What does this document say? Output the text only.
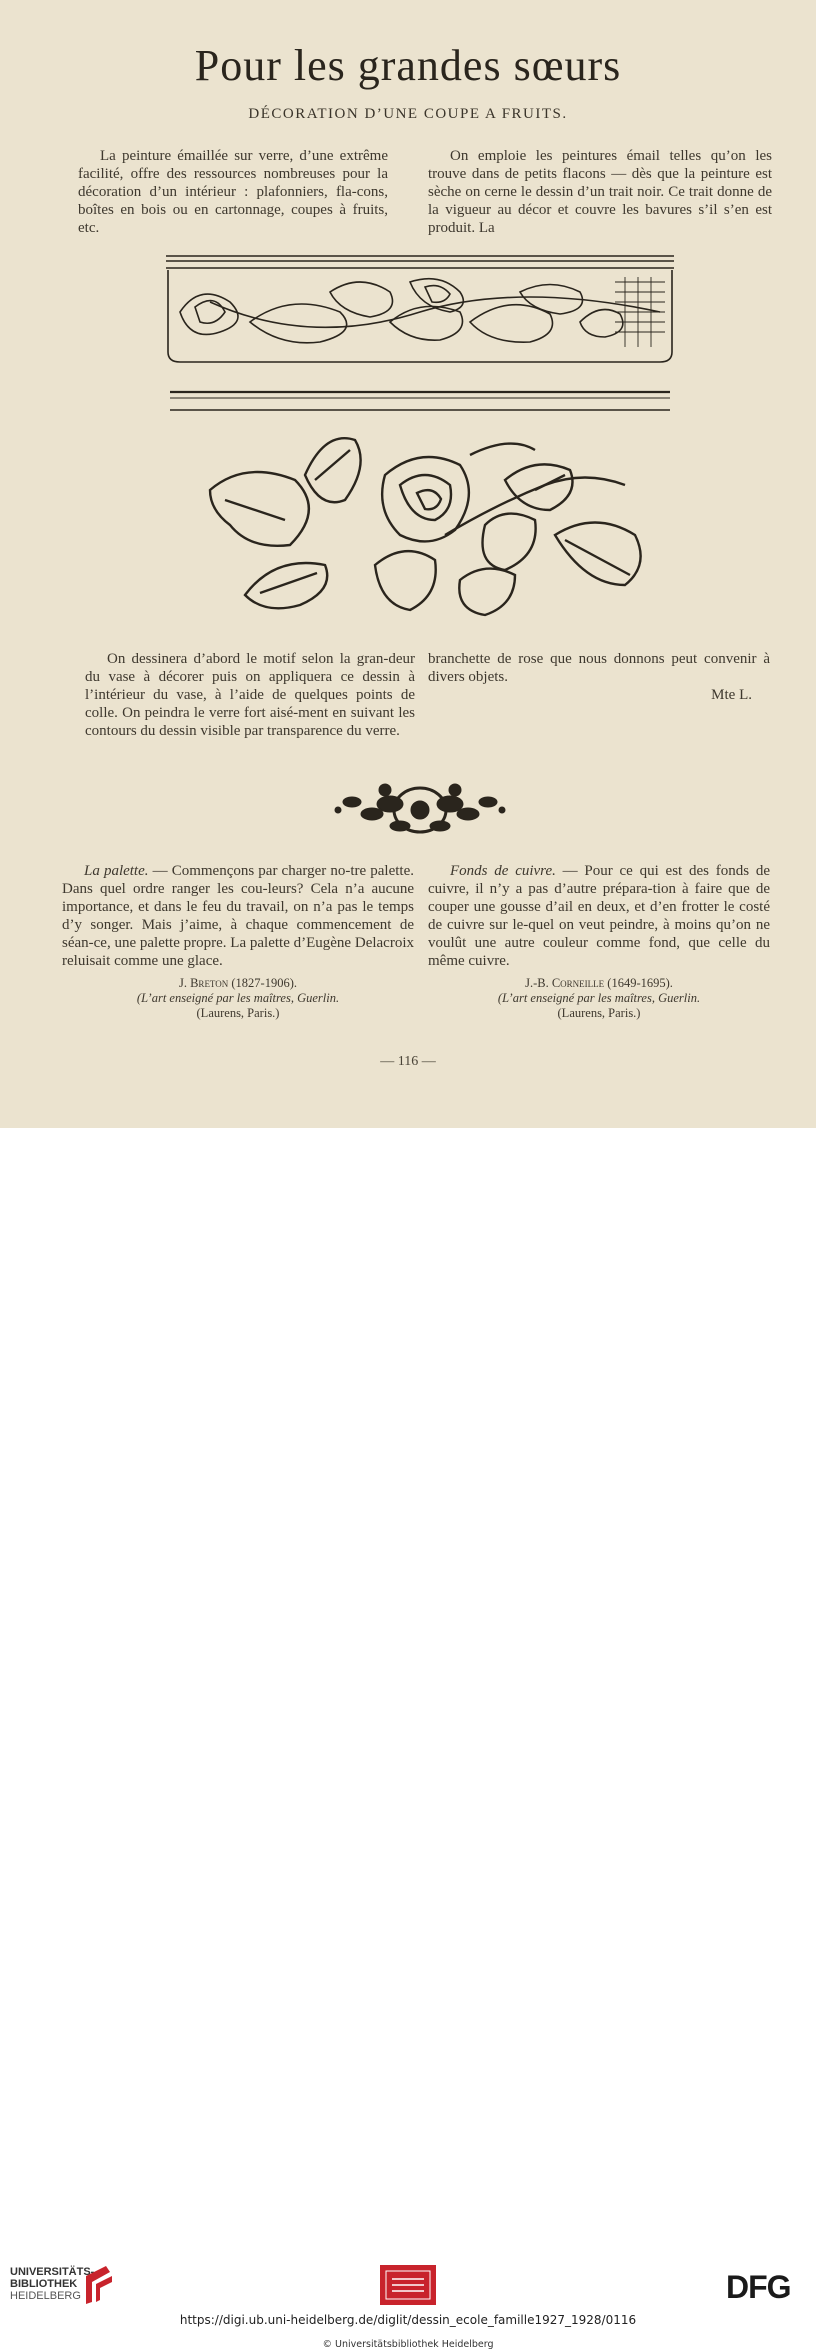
Pour les grandes sœurs
DÉCORATION D’UNE COUPE A FRUITS.

La peinture émaillée sur verre, d’une extrême facilité, offre des ressources nombreuses pour la décoration d’un intérieur : plafonniers, fla-cons, boîtes en bois ou en cartonnage, coupes à fruits, etc.

On emploie les peintures émail telles qu’on les trouve dans de petits flacons — dès que la peinture est sèche on cerne le dessin d’un trait noir. Ce trait donne de la vigueur au décor et couvre les bavures s’il s’en est produit. La

On dessinera d’abord le motif selon la gran-deur du vase à décorer puis on appliquera ce dessin à l’intérieur du vase, à l’aide de quelques points de colle. On peindra le verre fort aisé-ment en suivant les contours du dessin visible par transparence du verre.

branchette de rose que nous donnons peut convenir à divers objets.

Mte L.

La palette. — Commençons par charger no-tre palette. Dans quel ordre ranger les cou-leurs? Cela n’a aucune importance, et dans le feu du travail, on n’a pas le temps d’y songer. Mais j’aime, à chaque commencement de séan-ce, une palette propre. La palette d’Eugène Delacroix reluisait comme une glace.

J. Breton (1827-1906).
(L’art enseigné par les maîtres, Guerlin.
(Laurens, Paris.)

Fonds de cuivre. — Pour ce qui est des fonds de cuivre, il n’y a pas d’autre prépara-tion à faire que de couper une gousse d’ail en deux, et d’en frotter le costé de cuivre sur le-quel on veut peindre, à moins qu’on ne voulût une autre couleur comme fond, que celle du même cuivre.

J.-B. Corneille (1649-1695).
(L’art enseigné par les maîtres, Guerlin.
(Laurens, Paris.)
— 116 —
UNIVERSITÄTS-
BIBLIOTHEK
HEIDELBERG	DFG
https://digi.ub.uni-heidelberg.de/diglit/dessin_ecole_famille1927_1928/0116
© Universitätsbibliothek Heidelberg
